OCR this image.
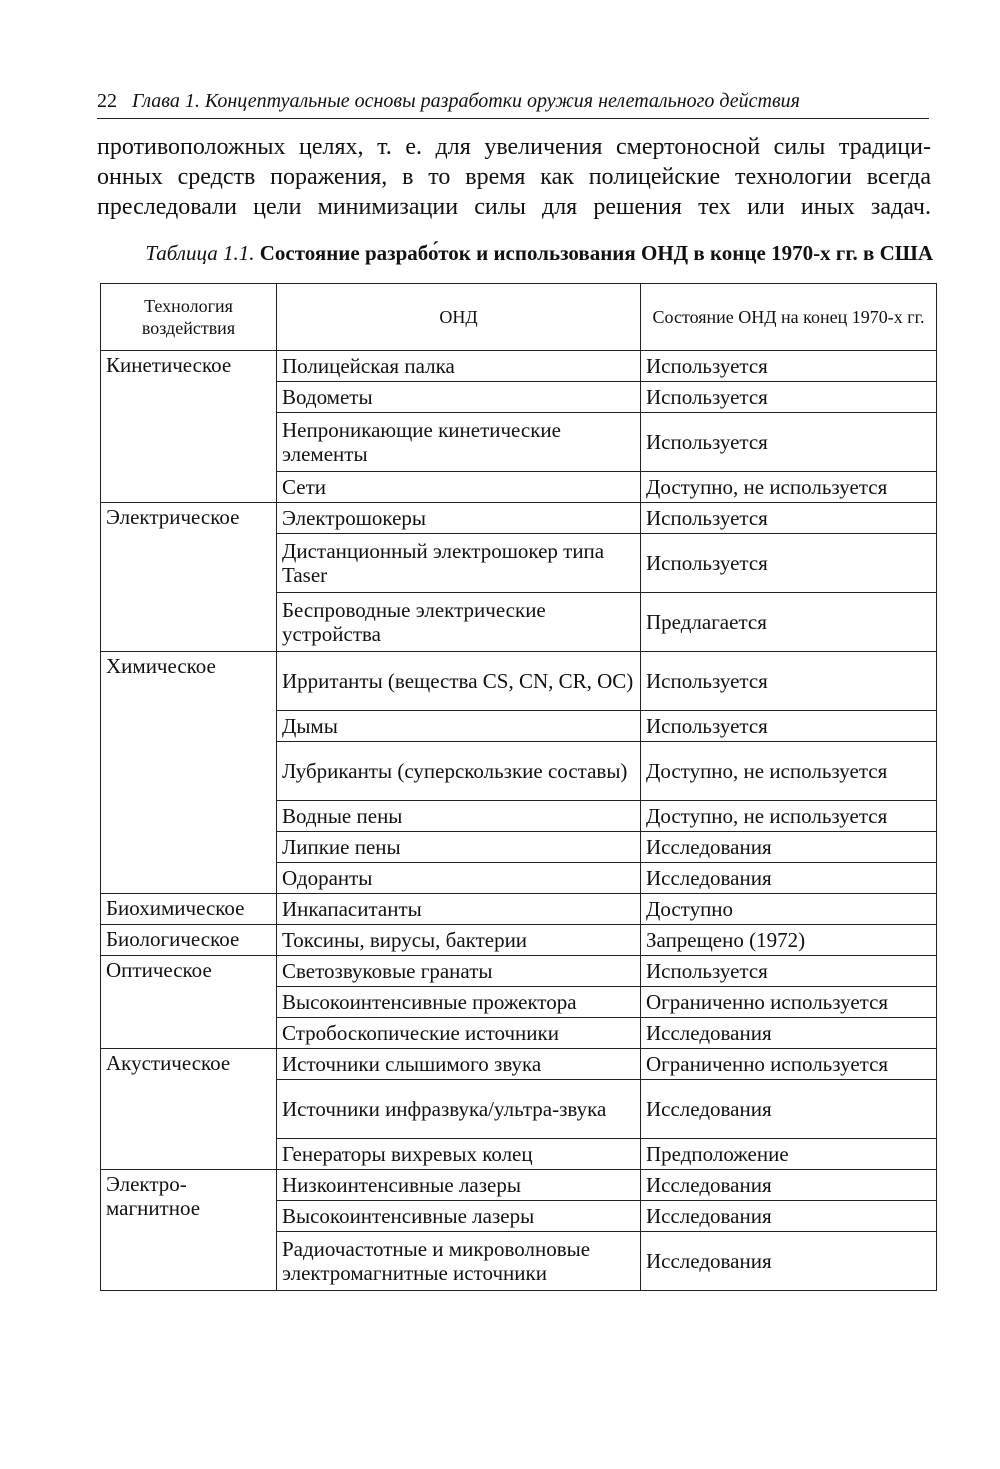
22 Глава 1. Концептуальные основы разработки оружия нелетального действия
противоположных целях, т. е. для увеличения смертоносной силы традици-
онных средств поражения, в то время как полицейские технологии всегда
преследовали цели минимизации силы для решения тех или иных задач.
Таблица 1.1. Состояние разрабо́ток и использования ОНД в конце 1970-х гг. в США
Технология воздействия	ОНД	Состояние ОНД на конец 1970-х гг.
Кинетическое	Полицейская палка	Используется
	Водометы	Используется
	Непроникающие кинетические элементы	Используется
	Сети	Доступно, не используется
Электрическое	Электрошокеры	Используется
	Дистанционный электрошокер типа Taser	Используется
	Беспроводные электрические устройства	Предлагается
Химическое	Ирританты (вещества CS, CN, CR, OC)	Используется
	Дымы	Используется
	Лубриканты (суперскользкие составы)	Доступно, не используется
	Водные пены	Доступно, не используется
	Липкие пены	Исследования
	Одоранты	Исследования
Биохимическое	Инкапаситанты	Доступно
Биологическое	Токсины, вирусы, бактерии	Запрещено (1972)
Оптическое	Светозвуковые гранаты	Используется
	Высокоинтенсивные прожектора	Ограниченно используется
	Стробоскопические источники	Исследования
Акустическое	Источники слышимого звука	Ограниченно используется
	Источники инфразвука/ультра-звука	Исследования
	Генераторы вихревых колец	Предположение
Электро-магнитное	Низкоинтенсивные лазеры	Исследования
	Высокоинтенсивные лазеры	Исследования
	Радиочастотные и микроволновые электромагнитные источники	Исследования
